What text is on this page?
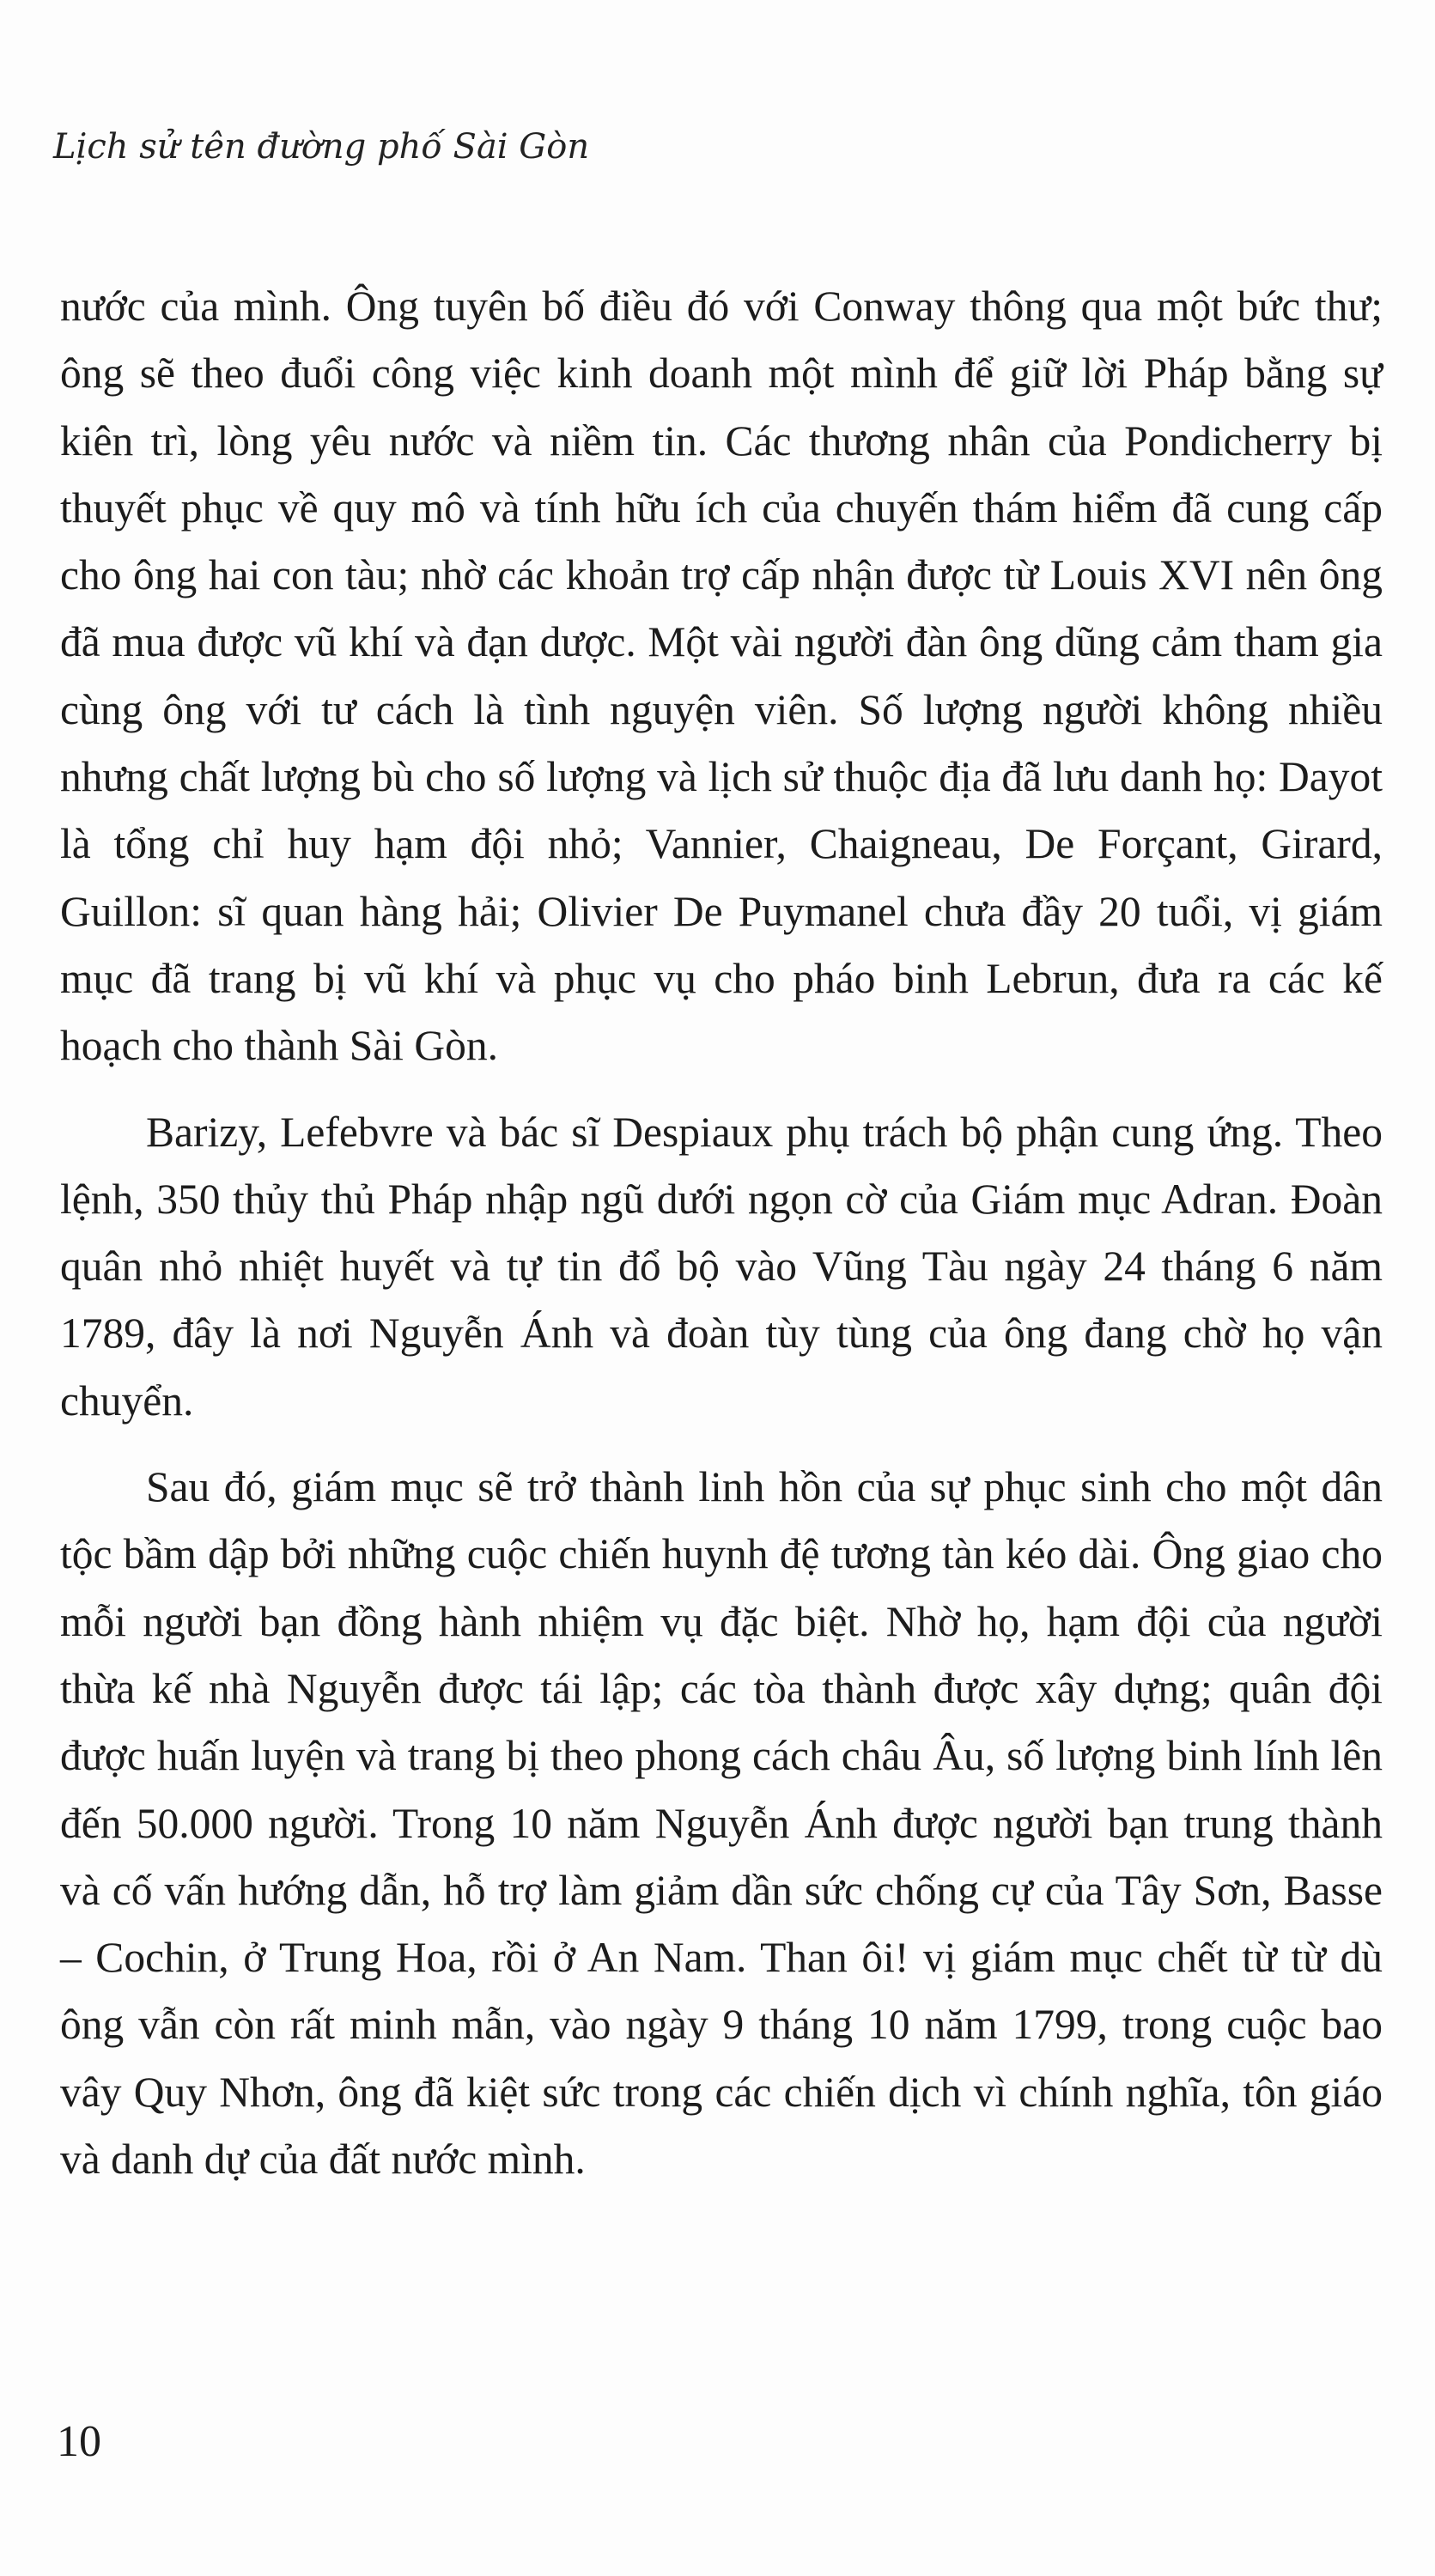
Lịch sử tên đường phố Sài Gòn

nước của mình. Ông tuyên bố điều đó với Conway thông qua một bức thư; ông sẽ theo đuổi công việc kinh doanh một mình để giữ lời Pháp bằng sự kiên trì, lòng yêu nước và niềm tin. Các thương nhân của Pondicherry bị thuyết phục về quy mô và tính hữu ích của chuyến thám hiểm đã cung cấp cho ông hai con tàu; nhờ các khoản trợ cấp nhận được từ Louis XVI nên ông đã mua được vũ khí và đạn dược. Một vài người đàn ông dũng cảm tham gia cùng ông với tư cách là tình nguyện viên. Số lượng người không nhiều nhưng chất lượng bù cho số lượng và lịch sử thuộc địa đã lưu danh họ: Dayot là tổng chỉ huy hạm đội nhỏ; Vannier, Chaigneau, De Forçant, Girard, Guillon: sĩ quan hàng hải; Olivier De Puymanel chưa đầy 20 tuổi, vị giám mục đã trang bị vũ khí và phục vụ cho pháo binh Lebrun, đưa ra các kế hoạch cho thành Sài Gòn.

Barizy, Lefebvre và bác sĩ Despiaux phụ trách bộ phận cung ứng. Theo lệnh, 350 thủy thủ Pháp nhập ngũ dưới ngọn cờ của Giám mục Adran. Đoàn quân nhỏ nhiệt huyết và tự tin đổ bộ vào Vũng Tàu ngày 24 tháng 6 năm 1789, đây là nơi Nguyễn Ánh và đoàn tùy tùng của ông đang chờ họ vận chuyển.

Sau đó, giám mục sẽ trở thành linh hồn của sự phục sinh cho một dân tộc bầm dập bởi những cuộc chiến huynh đệ tương tàn kéo dài. Ông giao cho mỗi người bạn đồng hành nhiệm vụ đặc biệt. Nhờ họ, hạm đội của người thừa kế nhà Nguyễn được tái lập; các tòa thành được xây dựng; quân đội được huấn luyện và trang bị theo phong cách châu Âu, số lượng binh lính lên đến 50.000 người. Trong 10 năm Nguyễn Ánh được người bạn trung thành và cố vấn hướng dẫn, hỗ trợ làm giảm dần sức chống cự của Tây Sơn, Basse – Cochin, ở Trung Hoa, rồi ở An Nam. Than ôi! vị giám mục chết từ từ dù ông vẫn còn rất minh mẫn, vào ngày 9 tháng 10 năm 1799, trong cuộc bao vây Quy Nhơn, ông đã kiệt sức trong các chiến dịch vì chính nghĩa, tôn giáo và danh dự của đất nước mình.

10
